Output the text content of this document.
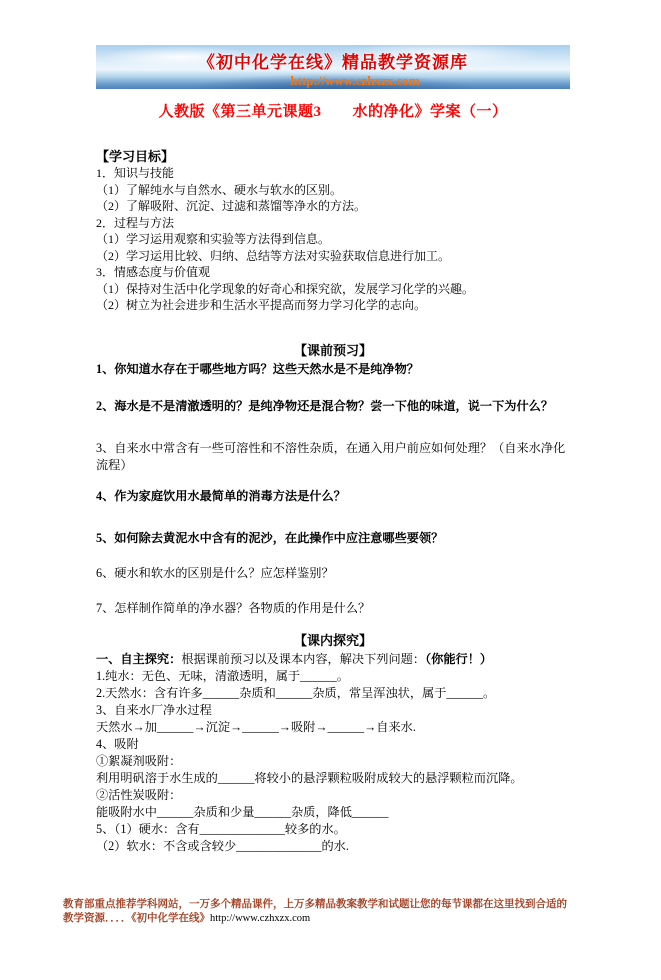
《初中化学在线》精品教学资源库
http://www.czhxzx.com
人教版《第三单元课题3　　水的净化》学案（一）
【学习目标】
1．知识与技能
（1）了解纯水与自然水、硬水与软水的区别。
（2）了解吸附、沉淀、过滤和蒸馏等净水的方法。
2．过程与方法
（1）学习运用观察和实验等方法得到信息。
（2）学习运用比较、归纳、总结等方法对实验获取信息进行加工。
3．情感态度与价值观
（1）保持对生活中化学现象的好奇心和探究欲，发展学习化学的兴趣。
（2）树立为社会进步和生活水平提高而努力学习化学的志向。
【课前预习】
1、你知道水存在于哪些地方吗？这些天然水是不是纯净物？
2、海水是不是清澈透明的？是纯净物还是混合物？尝一下他的味道，说一下为什么？
3、自来水中常含有一些可溶性和不溶性杂质，在通入用户前应如何处理？（自来水净化流程）
4、作为家庭饮用水最简单的消毒方法是什么？
5、如何除去黄泥水中含有的泥沙，在此操作中应注意哪些要领？
6、硬水和软水的区别是什么？应怎样鉴别？
7、怎样制作简单的净水器？各物质的作用是什么？
【课内探究】
一、自主探究：根据课前预习以及课本内容，解决下列问题：（你能行！）
1.纯水：无色、无味，清澈透明，属于______。
2.天然水：含有许多______杂质和______杂质，常呈浑浊状，属于______。
3、自来水厂净水过程
天然水→加______→沉淀→______→吸附→______→自来水.
4、吸附
①絮凝剂吸附：
利用明矾溶于水生成的______将较小的悬浮颗粒吸附成较大的悬浮颗粒而沉降。
②活性炭吸附：
能吸附水中______杂质和少量______杂质，降低______
5、（1）硬水：含有______________较多的水。
（2）软水：不含或含较少______________的水.
教育部重点推荐学科网站，一万多个精品课件，上万多精品教案教学和试题让您的每节课都在这里找到合适的
教学资源．．．．《初中化学在线》http://www.czhxzx.com
